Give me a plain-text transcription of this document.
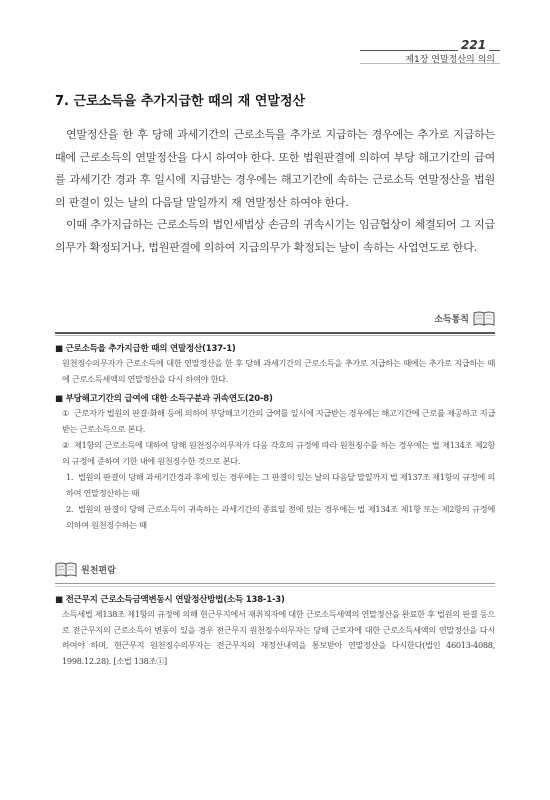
221
제1장 연말정산의 의의
7. 근로소득을 추가지급한 때의 재 연말정산
연말정산을 한 후 당해 과세기간의 근로소득을 추가로 지급하는 경우에는 추가로 지급하는 때에 근로소득의 연말정산을 다시 하여야 한다. 또한 법원판결에 의하여 부당 해고기간의 급여를 과세기간 경과 후 일시에 지급받는 경우에는 해고기간에 속하는 근로소득 연말정산을 법원의 판결이 있는 날의 다음달 말일까지 재 연말정산 하여야 한다.
이때 추가지급하는 근로소득의 법인세법상 손금의 귀속시기는 임금협상이 체결되어 그 지급의무가 확정되거나, 법원판결에 의하여 지급의무가 확정되는 날이 속하는 사업연도로 한다.
소득통칙
■ 근로소득을 추가지급한 때의 연말정산(137-1)
원천징수의무자가 근로소득에 대한 연말정산을 한 후 당해 과세기간의 근로소득을 추가로 지급하는 때에는 추가로 지급하는 때에 근로소득세액의 연말정산을 다시 하여야 한다.
■ 부당해고기간의 급여에 대한 소득구분과 귀속연도(20-8)
① 근로자가 법원의 판결·화해 등에 의하여 부당해고기간의 급여를 일시에 지급받는 경우에는 해고기간에 근로를 제공하고 지급받는 근로소득으로 본다.
② 제1항의 근로소득에 대하여 당해 원천징수의무자가 다음 각호의 규정에 따라 원천징수를 하는 경우에는 법 제134조 제2항의 규정에 준하여 기한 내에 원천징수한 것으로 본다.
1. 법원의 판결이 당해 과세기간경과 후에 있는 경우에는 그 판결이 있는 날의 다음달 말일까지 법 제137조 제1항의 규정에 의하여 연말정산하는 때
2. 법원의 판결이 당해 근로소득이 귀속하는 과세기간의 종료일 전에 있는 경우에는 법 제134조 제1항 또는 제2항의 규정에 의하여 원천징수하는 때
원천편람
■ 전근무지 근로소득금액변동시 연말정산방법(소득 138-1-3)
소득세법 제138조 제1항의 규정에 의해 현근무지에서 재취직자에 대한 근로소득세액의 연말정산을 완료한 후 법원의 판결 등으로 전근무지의 근로소득이 변동이 있을 경우 전근무지 원천징수의무자는 당해 근로자에 대한 근로소득세액의 연말정산을 다시 하여야 하며, 현근무지 원천징수의무자는 전근무지의 재정산내역을 통보받아 연말정산을 다시한다(법인 46013-4088, 1998.12.28). [소법 138조①]
